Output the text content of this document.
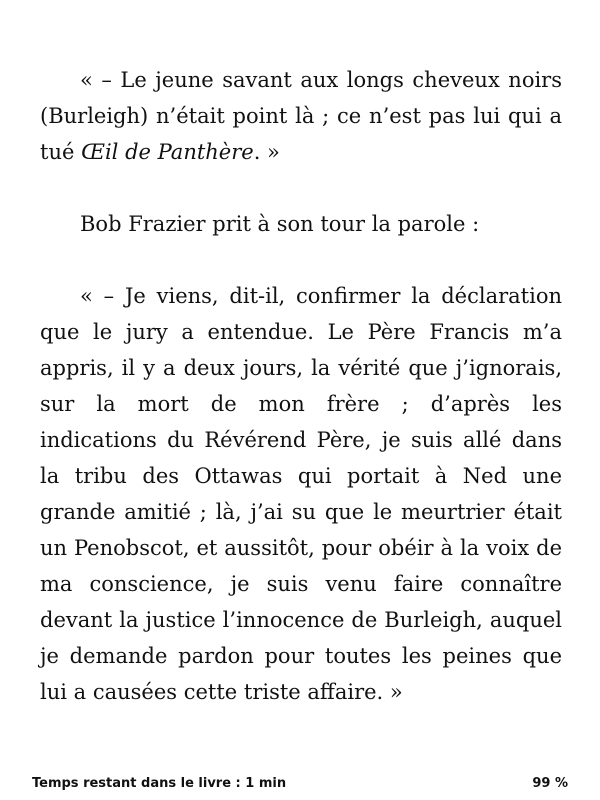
« – Le jeune savant aux longs cheveux noirs (Burleigh) n’était point là ; ce n’est pas lui qui a tué Œil de Panthère. »

Bob Frazier prit à son tour la parole :

« – Je viens, dit-il, confirmer la déclaration que le jury a entendue. Le Père Francis m’a appris, il y a deux jours, la vérité que j’ignorais, sur la mort de mon frère ; d’après les indications du Révérend Père, je suis allé dans la tribu des Ottawas qui portait à Ned une grande amitié ; là, j’ai su que le meurtrier était un Penobscot, et aussitôt, pour obéir à la voix de ma conscience, je suis venu faire connaître devant la justice l’innocence de Burleigh, auquel je demande pardon pour toutes les peines que lui a causées cette triste affaire. »

Temps restant dans le livre : 1 min	99 %
